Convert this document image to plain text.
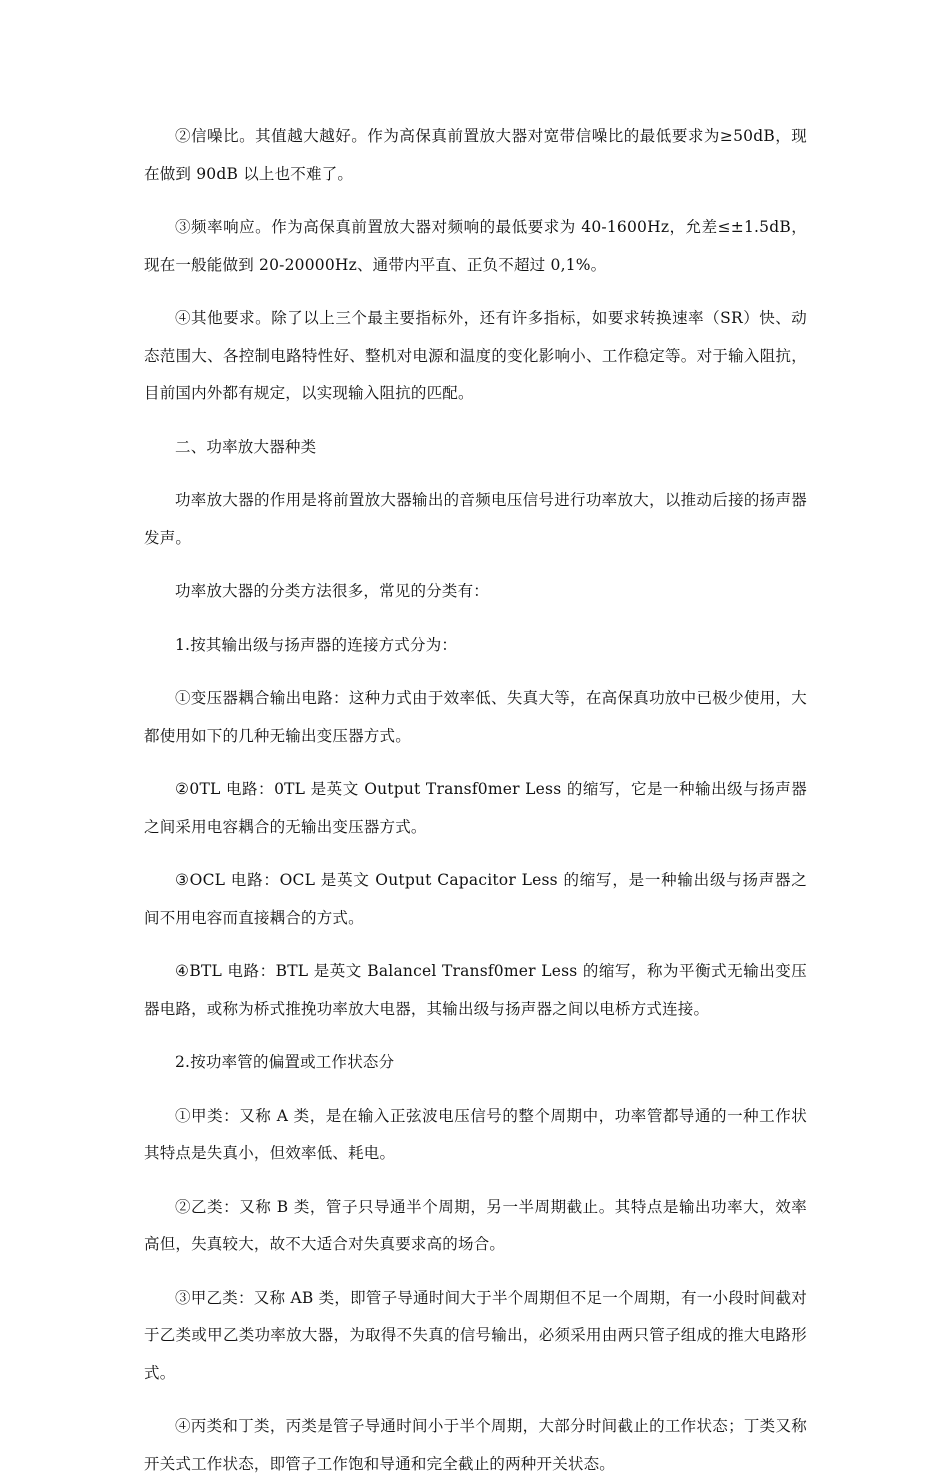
②信噪比。其值越大越好。作为高保真前置放大器对宽带信噪比的最低要求为≥50dB，现在做到 90dB 以上也不难了。

③频率响应。作为高保真前置放大器对频响的最低要求为 40-1600Hz，允差≤±1.5dB，现在一般能做到 20-20000Hz、通带内平直、正负不超过 0,1%。

④其他要求。除了以上三个最主要指标外，还有许多指标，如要求转换速率（SR）快、动态范围大、各控制电路特性好、整机对电源和温度的变化影响小、工作稳定等。对于输入阻抗，目前国内外都有规定，以实现输入阻抗的匹配。

二、功率放大器种类

功率放大器的作用是将前置放大器输出的音频电压信号进行功率放大，以推动后接的扬声器发声。

功率放大器的分类方法很多，常见的分类有：

1.按其输出级与扬声器的连接方式分为：

①变压器耦合输出电路：这种力式由于效率低、失真大等，在高保真功放中已极少使用，大都使用如下的几种无输出变压器方式。

②0TL 电路：0TL 是英文 Output Transf0mer Less 的缩写，它是一种输出级与扬声器之间采用电容耦合的无输出变压器方式。

③OCL 电路：OCL 是英文 Output Capacitor Less 的缩写，是一种输出级与扬声器之间不用电容而直接耦合的方式。

④BTL 电路：BTL 是英文 Balancel Transf0mer Less 的缩写，称为平衡式无输出变压器电路，或称为桥式推挽功率放大电器，其输出级与扬声器之间以电桥方式连接。

2.按功率管的偏置或工作状态分

①甲类：又称 A 类，是在输入正弦波电压信号的整个周期中，功率管都导通的一种工作状其特点是失真小，但效率低、耗电。

②乙类：又称 B 类，管子只导通半个周期，另一半周期截止。其特点是输出功率大，效率高但，失真较大，故不大适合对失真要求高的场合。

③甲乙类：又称 AB 类，即管子导通时间大于半个周期但不足一个周期，有一小段时间截对于乙类或甲乙类功率放大器，为取得不失真的信号输出，必须采用由两只管子组成的推大电路形式。

④丙类和丁类，丙类是管子导通时间小于半个周期，大部分时间截止的工作状态；丁类又称开关式工作状态，即管子工作饱和导通和完全截止的两种开关状态。
